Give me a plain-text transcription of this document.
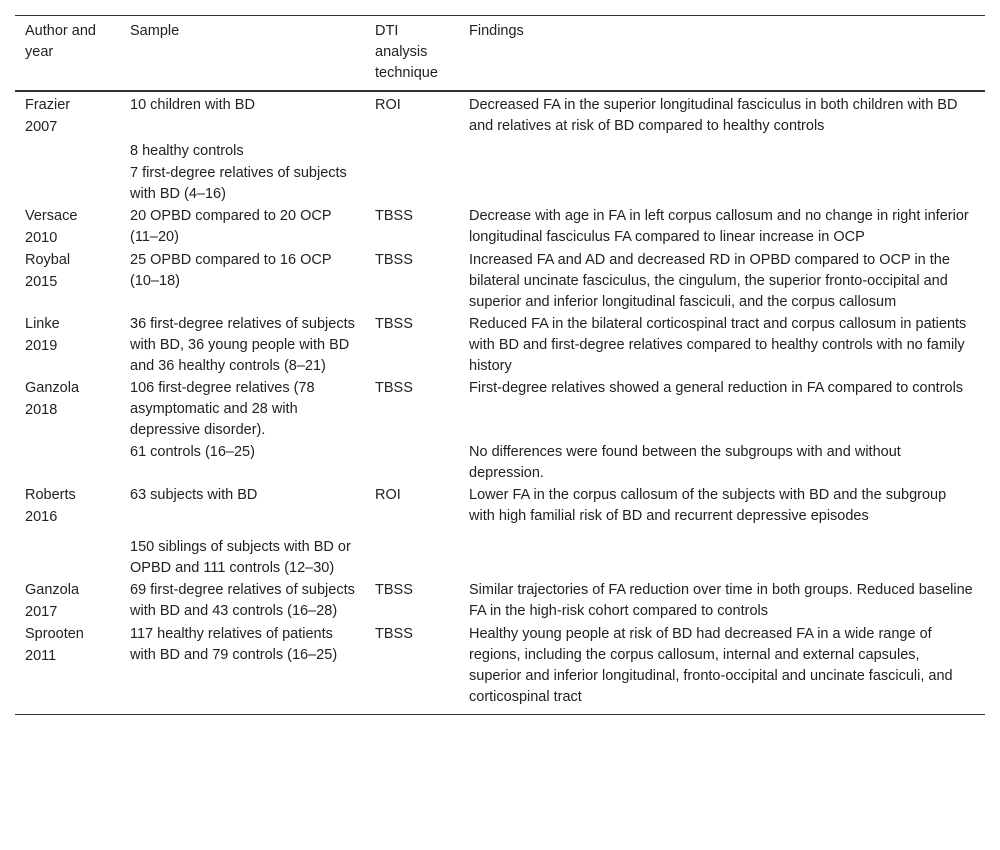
Author and year	Sample	DTI analysis technique	Findings

Frazier
2007	10 children with BD	ROI	Decreased FA in the superior longitudinal fasciculus in both children with BD and relatives at risk of BD compared to healthy controls

	8 healthy controls
7 first-degree relatives of subjects with BD (4–16)		

Versace
2010	20 OPBD compared to 20 OCP (11–20)	TBSS	Decrease with age in FA in left corpus callosum and no change in right inferior longitudinal fasciculus FA compared to linear increase in OCP

Roybal
2015	25 OPBD compared to 16 OCP (10–18)	TBSS	Increased FA and AD and decreased RD in OPBD compared to OCP in the bilateral uncinate fasciculus, the cingulum, the superior fronto-occipital and superior and inferior longitudinal fasciculi, and the corpus callosum

Linke
2019	36 first-degree relatives of subjects with BD, 36 young people with BD and 36 healthy controls (8–21)	TBSS	Reduced FA in the bilateral corticospinal tract and corpus callosum in patients with BD and first-degree relatives compared to healthy controls with no family history

Ganzola
2018	106 first-degree relatives (78 asymptomatic and 28 with depressive disorder).	TBSS	First-degree relatives showed a general reduction in FA compared to controls
	61 controls (16–25)		No differences were found between the subgroups with and without depression.

Roberts
2016	63 subjects with BD	ROI	Lower FA in the corpus callosum of the subjects with BD and the subgroup with high familial risk of BD and recurrent depressive episodes
	150 siblings of subjects with BD or OPBD and 111 controls (12–30)		

Ganzola
2017	69 first-degree relatives of subjects with BD and 43 controls (16–28)	TBSS	Similar trajectories of FA reduction over time in both groups. Reduced baseline FA in the high-risk cohort compared to controls

Sprooten
2011	117 healthy relatives of patients with BD and 79 controls (16–25)	TBSS	Healthy young people at risk of BD had decreased FA in a wide range of regions, including the corpus callosum, internal and external capsules, superior and inferior longitudinal, fronto-occipital and uncinate fasciculi, and corticospinal tract
